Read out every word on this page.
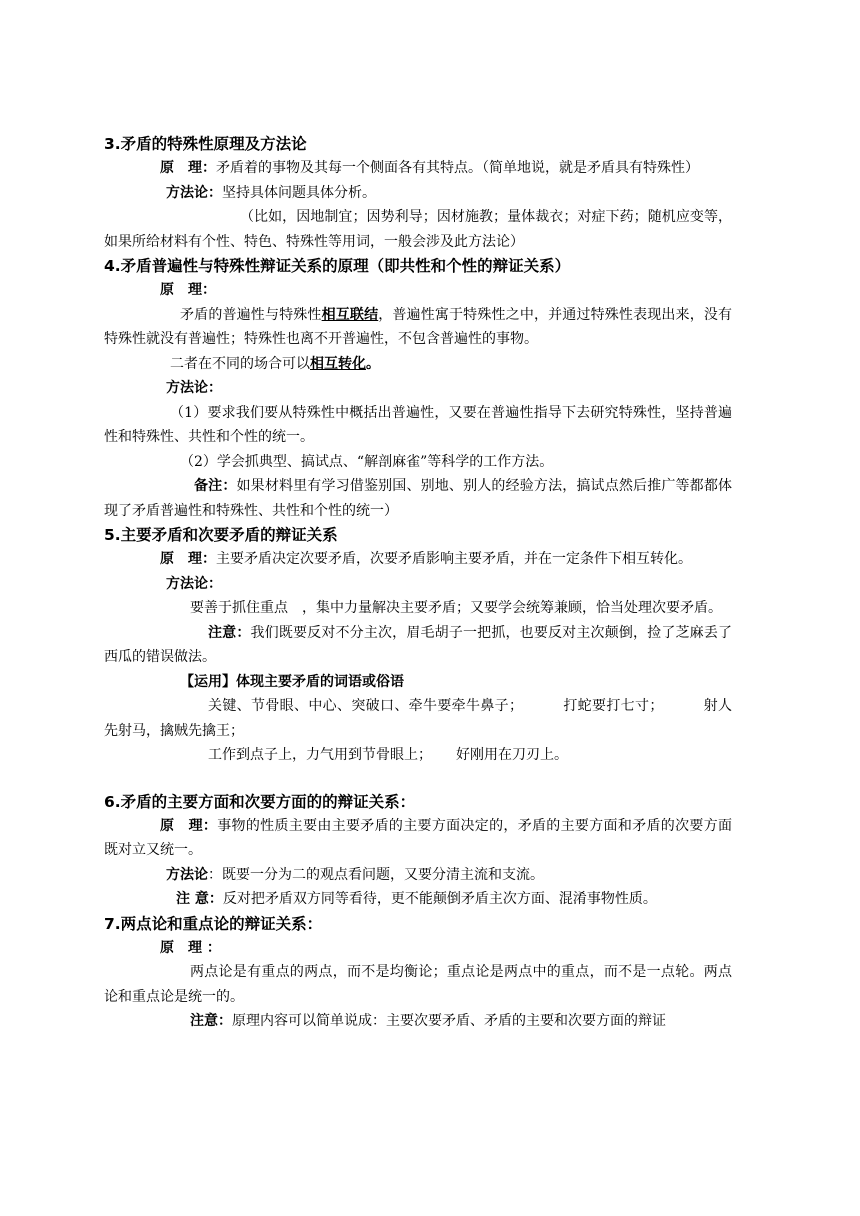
3.矛盾的特殊性原理及方法论

原　理：矛盾着的事物及其每一个侧面各有其特点。（简单地说，就是矛盾具有特殊性）

方法论：坚持具体问题具体分析。

（比如，因地制宜；因势利导；因材施教；量体裁衣；对症下药；随机应变等，如果所给材料有个性、特色、特殊性等用词，一般会涉及此方法论）

4.矛盾普遍性与特殊性辩证关系的原理（即共性和个性的辩证关系）

原　理：

矛盾的普遍性与特殊性相互联结，普遍性寓于特殊性之中，并通过特殊性表现出来，没有特殊性就没有普遍性；特殊性也离不开普遍性，不包含普遍性的事物。

二者在不同的场合可以相互转化。

方法论：

（1）要求我们要从特殊性中概括出普遍性，又要在普遍性指导下去研究特殊性，坚持普遍性和特殊性、共性和个性的统一。

（2）学会抓典型、搞试点、“解剖麻雀”等科学的工作方法。

备注：如果材料里有学习借鉴别国、别地、别人的经验方法，搞试点然后推广等都都体现了矛盾普遍性和特殊性、共性和个性的统一）

5.主要矛盾和次要矛盾的辩证关系

原　理：主要矛盾决定次要矛盾，次要矛盾影响主要矛盾，并在一定条件下相互转化。

方法论：

要善于抓住重点 ，集中力量解决主要矛盾；又要学会统筹兼顾，恰当处理次要矛盾。

注意：我们既要反对不分主次，眉毛胡子一把抓，也要反对主次颠倒，捡了芝麻丢了西瓜的错误做法。

【运用】体现主要矛盾的词语或俗语

关键、节骨眼、中心、突破口、牵牛要牵牛鼻子；	打蛇要打七寸；	射人先射马，擒贼先擒王；

工作到点子上，力气用到节骨眼上； 好刚用在刀刃上。

6.矛盾的主要方面和次要方面的的辩证关系：

原　理：事物的性质主要由主要矛盾的主要方面决定的，矛盾的主要方面和矛盾的次要方面既对立又统一。

方法论：既要一分为二的观点看问题，又要分清主流和支流。

注 意：反对把矛盾双方同等看待，更不能颠倒矛盾主次方面、混淆事物性质。

7.两点论和重点论的辩证关系：

原　理 ：

两点论是有重点的两点，而不是均衡论；重点论是两点中的重点，而不是一点轮。两点论和重点论是统一的。

注意：原理内容可以简单说成：主要次要矛盾、矛盾的主要和次要方面的辩证
